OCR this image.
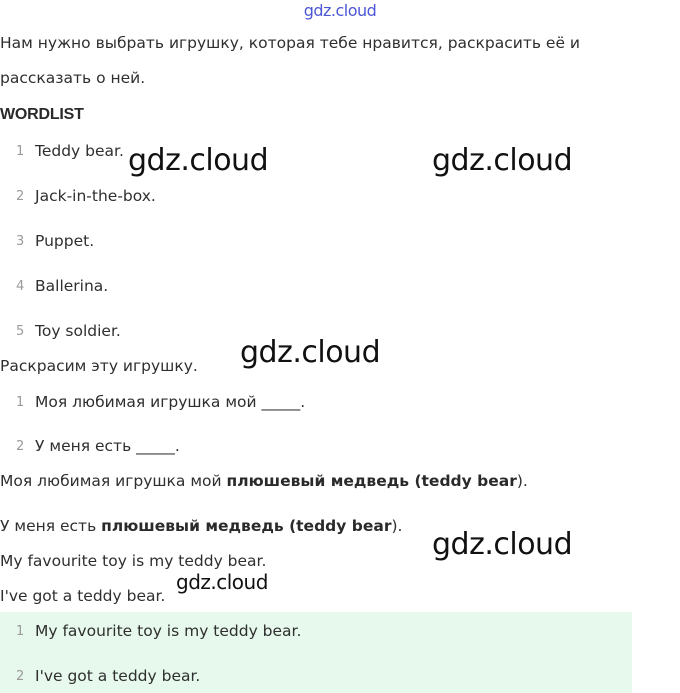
gdz.cloud
Нам нужно выбрать игрушку, которая тебе нравится, раскрасить её и
рассказать о ней.
WORDLIST
1 Teddy bear.
2 Jack-in-the-box.
3 Puppet.
4 Ballerina.
5 Toy soldier.
Раскрасим эту игрушку.
1 Моя любимая игрушка мой _____.
2 У меня есть _____.
Моя любимая игрушка мой плюшевый медведь (teddy bear).
У меня есть плюшевый медведь (teddy bear).
My favourite toy is my teddy bear.
I've got a teddy bear.
1 My favourite toy is my teddy bear.
2 I've got a teddy bear.
gdz.cloud	gdz.cloud
gdz.cloud
gdz.cloud
gdz.cloud
